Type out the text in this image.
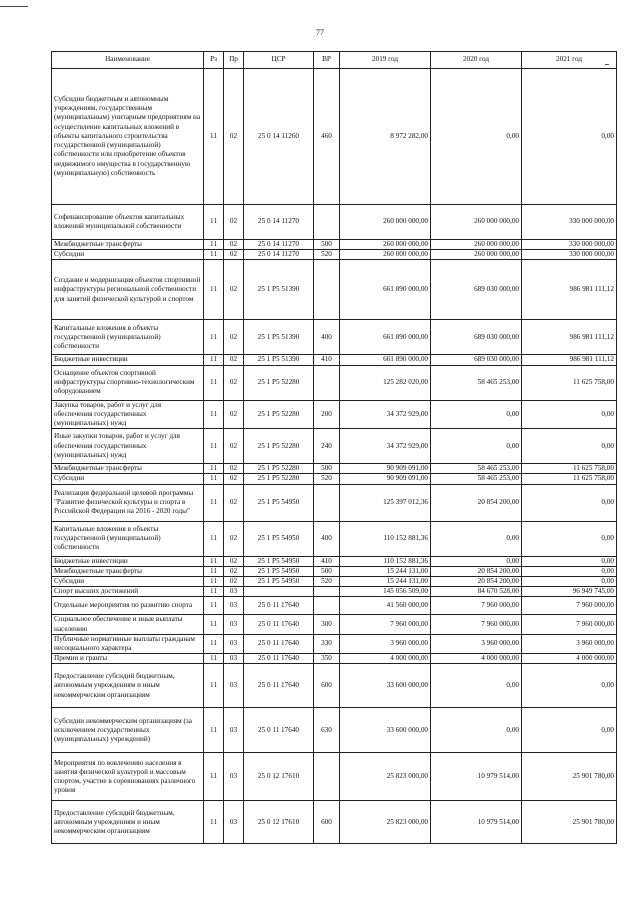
77
Наименование	Рз	Пр	ЦСР	ВР	2019 год	2020 год	2021 год
Субсидии бюджетным и автономным учреждениям, государственным (муниципальным) унитарным предприятиям на осуществление капитальных вложений в объекты капитального строительства государственной (муниципальной) собственности или приобретение объектов недвижимого имущества в государственную (муниципальную) собственность	11	02	25 0 14 11260	460	8 972 282,00	0,00	0,00
Софинансирование объектов капитальных вложений муниципальной собственности	11	02	25 0 14 11270		260 000 000,00	260 000 000,00	330 000 000,00
Межбюджетные трансферты	11	02	25 0 14 11270	500	260 000 000,00	260 000 000,00	330 000 000,00
Субсидии	11	02	25 0 14 11270	520	260 000 000,00	260 000 000,00	330 000 000,00
Создание и модернизация объектов спортивной инфраструктуры региональной собственности для занятий физической культурой и спортом	11	02	25 1 P5 51390		661 890 000,00	689 030 000,00	986 981 111,12
Капитальные вложения в объекты государственной (муниципальной) собственности	11	02	25 1 P5 51390	400	661 890 000,00	689 030 000,00	986 981 111,12
Бюджетные инвестиции	11	02	25 1 P5 51390	410	661 890 000,00	689 030 000,00	986 981 111,12
Оснащение объектов спортивной инфраструктуры спортивно-технологическим оборудованием	11	02	25 1 P5 52280		125 282 020,00	58 465 253,00	11 625 758,00
Закупка товаров, работ и услуг для обеспечения государственных (муниципальных) нужд	11	02	25 1 P5 52280	200	34 372 929,00	0,00	0,00
Иные закупки товаров, работ и услуг для обеспечения государственных (муниципальных) нужд	11	02	25 1 P5 52280	240	34 372 929,00	0,00	0,00
Межбюджетные трансферты	11	02	25 1 P5 52280	500	90 909 091,00	58 465 253,00	11 625 758,00
Субсидии	11	02	25 1 P5 52280	520	90 909 091,00	58 465 253,00	11 625 758,00
Реализация федеральной целевой программы "Развитие физической культуры и спорта в Российской Федерации на 2016 - 2020 годы"	11	02	25 1 P5 54950		125 397 012,36	20 854 200,00	0,00
Капитальные вложения в объекты государственной (муниципальной) собственности	11	02	25 1 P5 54950	400	110 152 881,36	0,00	0,00
Бюджетные инвестиции	11	02	25 1 P5 54950	410	110 152 881,36	0,00	0,00
Межбюджетные трансферты	11	02	25 1 P5 54950	500	15 244 131,00	20 854 200,00	0,00
Субсидии	11	02	25 1 P5 54950	520	15 244 131,00	20 854 200,00	0,00
Спорт высших достижений	11	03			145 056 509,00	84 670 528,00	96 949 745,00
Отдельные мероприятия по развитию спорта	11	03	25 0 11 17640		41 560 000,00	7 960 000,00	7 960 000,00
Социальное обеспечение и иные выплаты населению	11	03	25 0 11 17640	300	7 960 000,00	7 960 000,00	7 960 000,00
Публичные нормативные выплаты гражданам несоциального характера	11	03	25 0 11 17640	330	3 960 000,00	3 960 000,00	3 960 000,00
Премии и гранты	11	03	25 0 11 17640	350	4 000 000,00	4 000 000,00	4 000 000,00
Предоставление субсидий бюджетным, автономным учреждениям и иным некоммерческим организациям	11	03	25 0 11 17640	600	33 600 000,00	0,00	0,00
Субсидии некоммерческим организациям (за исключением государственных (муниципальных) учреждений)	11	03	25 0 11 17640	630	33 600 000,00	0,00	0,00
Мероприятия по вовлечению населения в занятия физической культурой и массовым спортом, участие в соревнованиях различного уровня	11	03	25 0 12 17610		25 823 000,00	10 979 514,00	25 901 780,00
Предоставление субсидий бюджетным, автономным учреждениям и иным некоммерческим организациям	11	03	25 0 12 17610	600	25 823 000,00	10 979 514,00	25 901 780,00
